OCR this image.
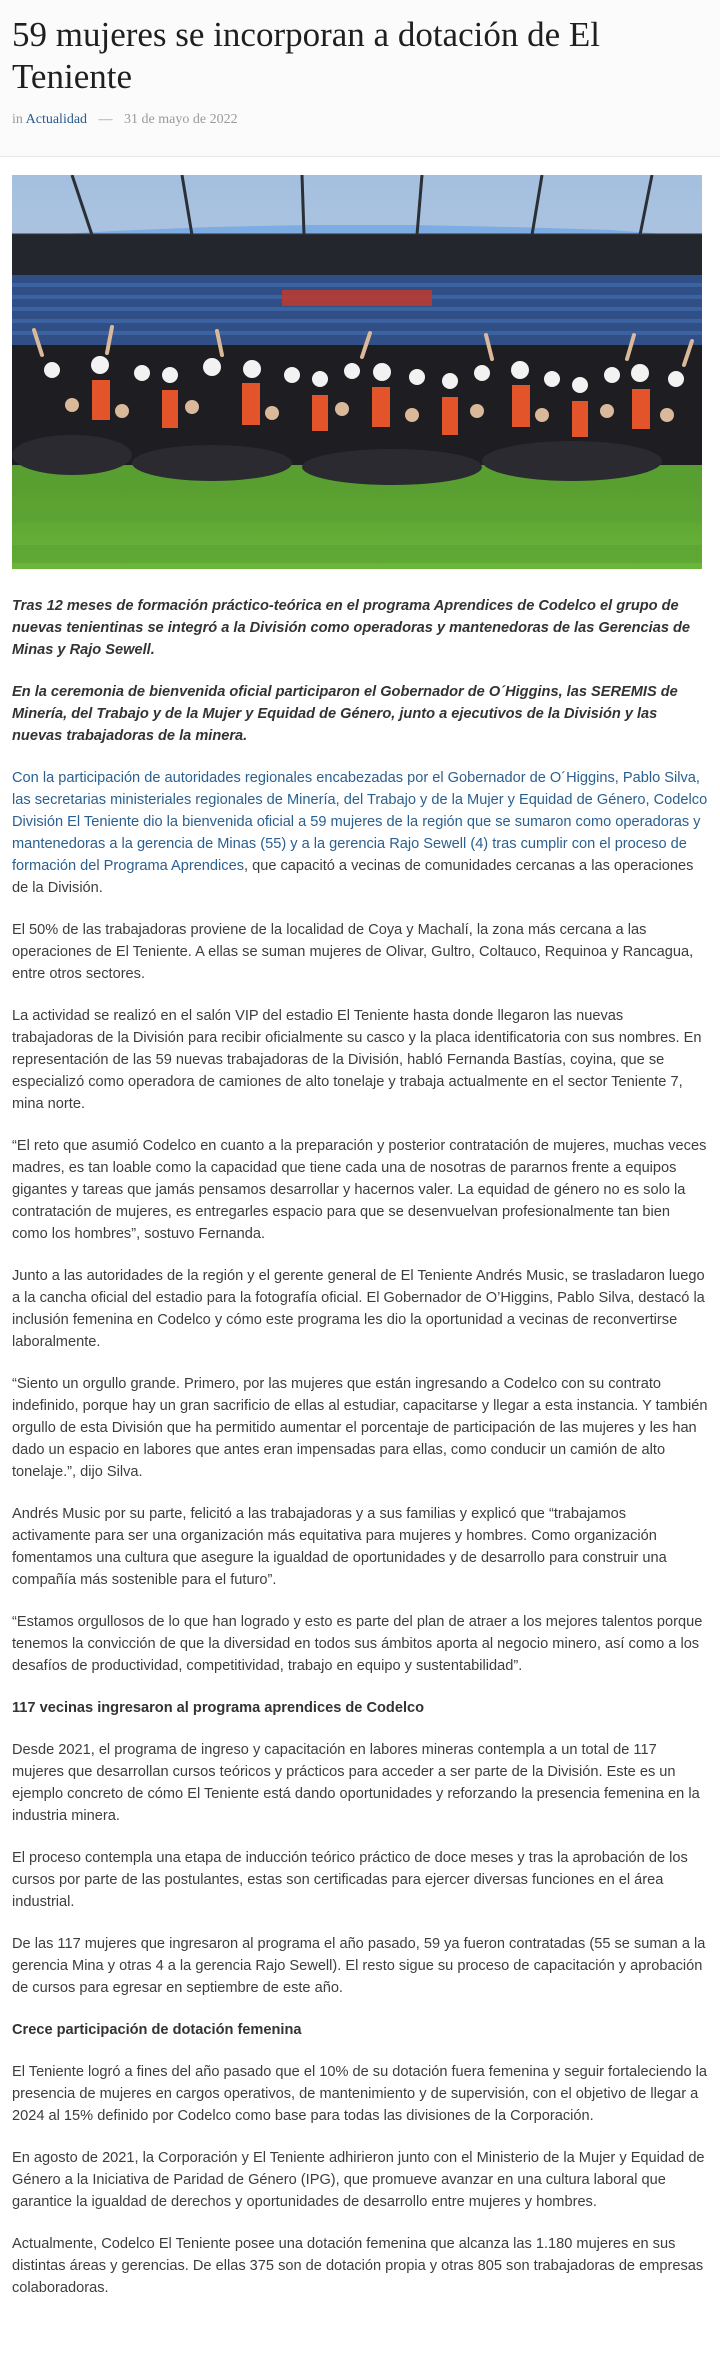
59 mujeres se incorporan a dotación de El Teniente
in Actualidad — 31 de mayo de 2022

Tras 12 meses de formación práctico-teórica en el programa Aprendices de Codelco el grupo de nuevas tenientinas se integró a la División como operadoras y mantenedoras de las Gerencias de Minas y Rajo Sewell.

En la ceremonia de bienvenida oficial participaron el Gobernador de O´Higgins, las SEREMIS de Minería, del Trabajo y de la Mujer y Equidad de Género, junto a ejecutivos de la División y las nuevas trabajadoras de la minera.

Con la participación de autoridades regionales encabezadas por el Gobernador de O´Higgins, Pablo Silva, las secretarias ministeriales regionales de Minería, del Trabajo y de la Mujer y Equidad de Género, Codelco División El Teniente dio la bienvenida oficial a 59 mujeres de la región que se sumaron como operadoras y mantenedoras a la gerencia de Minas (55) y a la gerencia Rajo Sewell (4) tras cumplir con el proceso de formación del Programa Aprendices, que capacitó a vecinas de comunidades cercanas a las operaciones de la División.

El 50% de las trabajadoras proviene de la localidad de Coya y Machalí, la zona más cercana a las operaciones de El Teniente. A ellas se suman mujeres de Olivar, Gultro, Coltauco, Requinoa y Rancagua, entre otros sectores.

La actividad se realizó en el salón VIP del estadio El Teniente hasta donde llegaron las nuevas trabajadoras de la División para recibir oficialmente su casco y la placa identificatoria con sus nombres. En representación de las 59 nuevas trabajadoras de la División, habló Fernanda Bastías, coyina, que se especializó como operadora de camiones de alto tonelaje y trabaja actualmente en el sector Teniente 7, mina norte.

“El reto que asumió Codelco en cuanto a la preparación y posterior contratación de mujeres, muchas veces madres, es tan loable como la capacidad que tiene cada una de nosotras de pararnos frente a equipos gigantes y tareas que jamás pensamos desarrollar y hacernos valer. La equidad de género no es solo la contratación de mujeres, es entregarles espacio para que se desenvuelvan profesionalmente tan bien como los hombres”, sostuvo Fernanda.

Junto a las autoridades de la región y el gerente general de El Teniente Andrés Music, se trasladaron luego a la cancha oficial del estadio para la fotografía oficial. El Gobernador de O’Higgins, Pablo Silva, destacó la inclusión femenina en Codelco y cómo este programa les dio la oportunidad a vecinas de reconvertirse laboralmente.

“Siento un orgullo grande. Primero, por las mujeres que están ingresando a Codelco con su contrato indefinido, porque hay un gran sacrificio de ellas al estudiar, capacitarse y llegar a esta instancia. Y también orgullo de esta División que ha permitido aumentar el porcentaje de participación de las mujeres y les han dado un espacio en labores que antes eran impensadas para ellas, como conducir un camión de alto tonelaje.”, dijo Silva.

Andrés Music por su parte, felicitó a las trabajadoras y a sus familias y explicó que “trabajamos activamente para ser una organización más equitativa para mujeres y hombres. Como organización fomentamos una cultura que asegure la igualdad de oportunidades y de desarrollo para construir una compañía más sostenible para el futuro”.

“Estamos orgullosos de lo que han logrado y esto es parte del plan de atraer a los mejores talentos porque tenemos la convicción de que la diversidad en todos sus ámbitos aporta al negocio minero, así como a los desafíos de productividad, competitividad, trabajo en equipo y sustentabilidad”.

117 vecinas ingresaron al programa aprendices de Codelco

Desde 2021, el programa de ingreso y capacitación en labores mineras contempla a un total de 117 mujeres que desarrollan cursos teóricos y prácticos para acceder a ser parte de la División. Este es un ejemplo concreto de cómo El Teniente está dando oportunidades y reforzando la presencia femenina en la industria minera.

El proceso contempla una etapa de inducción teórico práctico de doce meses y tras la aprobación de los cursos por parte de las postulantes, estas son certificadas para ejercer diversas funciones en el área industrial.

De las 117 mujeres que ingresaron al programa el año pasado, 59 ya fueron contratadas (55 se suman a la gerencia Mina y otras 4 a la gerencia Rajo Sewell). El resto sigue su proceso de capacitación y aprobación de cursos para egresar en septiembre de este año.

Crece participación de dotación femenina

El Teniente logró a fines del año pasado que el 10% de su dotación fuera femenina y seguir fortaleciendo la presencia de mujeres en cargos operativos, de mantenimiento y de supervisión, con el objetivo de llegar a 2024 al 15% definido por Codelco como base para todas las divisiones de la Corporación.

En agosto de 2021, la Corporación y El Teniente adhirieron junto con el Ministerio de la Mujer y Equidad de Género a la Iniciativa de Paridad de Género (IPG), que promueve avanzar en una cultura laboral que garantice la igualdad de derechos y oportunidades de desarrollo entre mujeres y hombres.

Actualmente, Codelco El Teniente posee una dotación femenina que alcanza las 1.180 mujeres en sus distintas áreas y gerencias. De ellas 375 son de dotación propia y otras 805 son trabajadoras de empresas colaboradoras.
